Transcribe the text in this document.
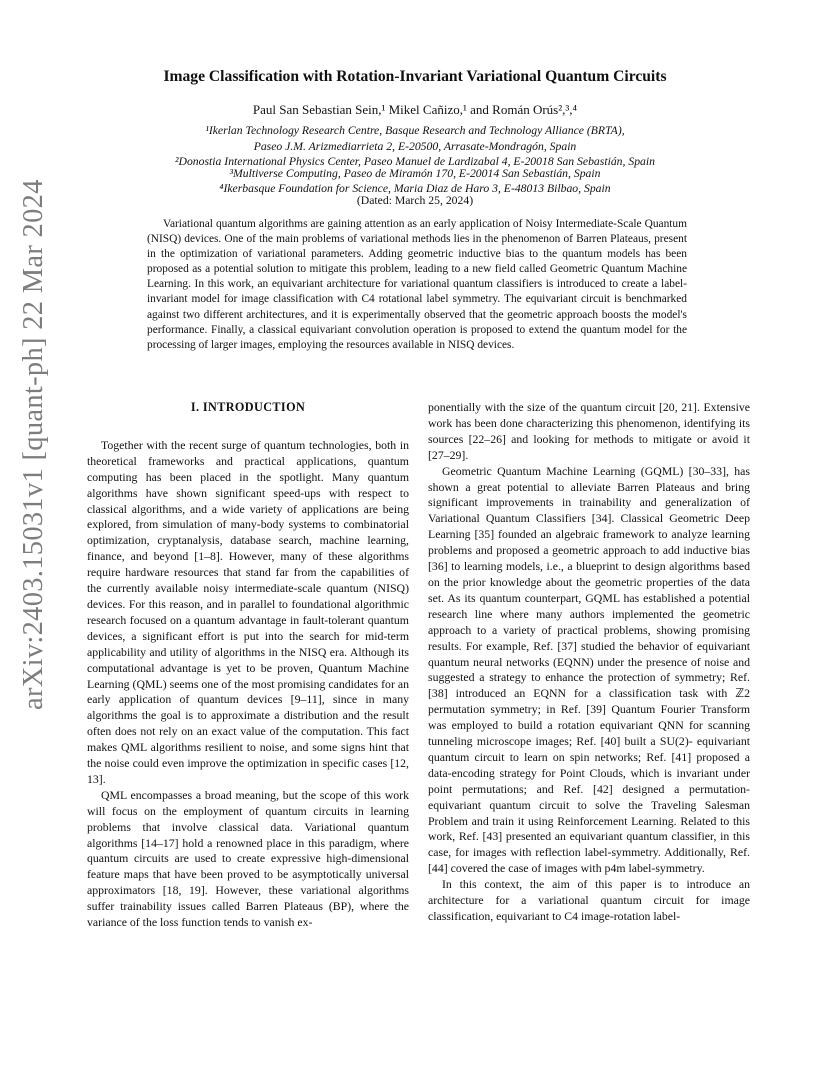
arXiv:2403.15031v1 [quant-ph] 22 Mar 2024
Image Classification with Rotation-Invariant Variational Quantum Circuits
Paul San Sebastian Sein,¹ Mikel Cañizo,¹ and Román Orús²,³,⁴
¹Ikerlan Technology Research Centre, Basque Research and Technology Alliance (BRTA),
Paseo J.M. Arizmediarrieta 2, E-20500, Arrasate-Mondragón, Spain
²Donostia International Physics Center, Paseo Manuel de Lardizabal 4, E-20018 San Sebastián, Spain
³Multiverse Computing, Paseo de Miramón 170, E-20014 San Sebastián, Spain
⁴Ikerbasque Foundation for Science, Maria Diaz de Haro 3, E-48013 Bilbao, Spain
(Dated: March 25, 2024)
Variational quantum algorithms are gaining attention as an early application of Noisy Intermediate-Scale Quantum (NISQ) devices. One of the main problems of variational methods lies in the phenomenon of Barren Plateaus, present in the optimization of variational parameters. Adding geometric inductive bias to the quantum models has been proposed as a potential solution to mitigate this problem, leading to a new field called Geometric Quantum Machine Learning. In this work, an equivariant architecture for variational quantum classifiers is introduced to create a label-invariant model for image classification with C4 rotational label symmetry. The equivariant circuit is benchmarked against two different architectures, and it is experimentally observed that the geometric approach boosts the model's performance. Finally, a classical equivariant convolution operation is proposed to extend the quantum model for the processing of larger images, employing the resources available in NISQ devices.
I. INTRODUCTION

Together with the recent surge of quantum technologies, both in theoretical frameworks and practical applications, quantum computing has been placed in the spotlight. Many quantum algorithms have shown significant speed-ups with respect to classical algorithms, and a wide variety of applications are being explored, from simulation of many-body systems to combinatorial optimization, cryptanalysis, database search, machine learning, finance, and beyond [1–8]. However, many of these algorithms require hardware resources that stand far from the capabilities of the currently available noisy intermediate-scale quantum (NISQ) devices. For this reason, and in parallel to foundational algorithmic research focused on a quantum advantage in fault-tolerant quantum devices, a significant effort is put into the search for mid-term applicability and utility of algorithms in the NISQ era. Although its computational advantage is yet to be proven, Quantum Machine Learning (QML) seems one of the most promising candidates for an early application of quantum devices [9–11], since in many algorithms the goal is to approximate a distribution and the result often does not rely on an exact value of the computation. This fact makes QML algorithms resilient to noise, and some signs hint that the noise could even improve the optimization in specific cases [12, 13].

QML encompasses a broad meaning, but the scope of this work will focus on the employment of quantum circuits in learning problems that involve classical data. Variational quantum algorithms [14–17] hold a renowned place in this paradigm, where quantum circuits are used to create expressive high-dimensional feature maps that have been proved to be asymptotically universal approximators [18, 19]. However, these variational algorithms suffer trainability issues called Barren Plateaus (BP), where the variance of the loss function tends to vanish ex-

ponentially with the size of the quantum circuit [20, 21]. Extensive work has been done characterizing this phenomenon, identifying its sources [22–26] and looking for methods to mitigate or avoid it [27–29].

Geometric Quantum Machine Learning (GQML) [30–33], has shown a great potential to alleviate Barren Plateaus and bring significant improvements in trainability and generalization of Variational Quantum Classifiers [34]. Classical Geometric Deep Learning [35] founded an algebraic framework to analyze learning problems and proposed a geometric approach to add inductive bias [36] to learning models, i.e., a blueprint to design algorithms based on the prior knowledge about the geometric properties of the data set. As its quantum counterpart, GQML has established a potential research line where many authors implemented the geometric approach to a variety of practical problems, showing promising results. For example, Ref. [37] studied the behavior of equivariant quantum neural networks (EQNN) under the presence of noise and suggested a strategy to enhance the protection of symmetry; Ref. [38] introduced an EQNN for a classification task with ℤ2 permutation symmetry; in Ref. [39] Quantum Fourier Transform was employed to build a rotation equivariant QNN for scanning tunneling microscope images; Ref. [40] built a SU(2)- equivariant quantum circuit to learn on spin networks; Ref. [41] proposed a data-encoding strategy for Point Clouds, which is invariant under point permutations; and Ref. [42] designed a permutation-equivariant quantum circuit to solve the Traveling Salesman Problem and train it using Reinforcement Learning. Related to this work, Ref. [43] presented an equivariant quantum classifier, in this case, for images with reflection label-symmetry. Additionally, Ref. [44] covered the case of images with p4m label-symmetry.

In this context, the aim of this paper is to introduce an architecture for a variational quantum circuit for image classification, equivariant to C4 image-rotation label-
